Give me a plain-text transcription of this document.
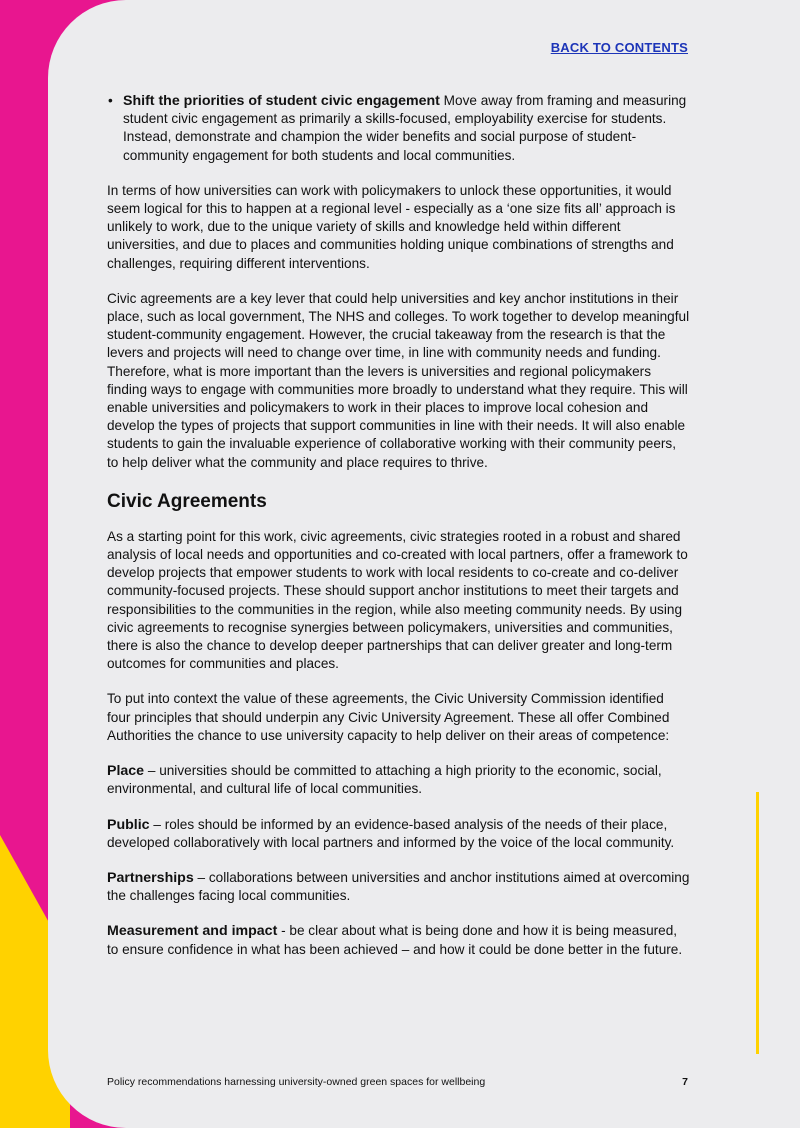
BACK TO CONTENTS
• Shift the priorities of student civic engagement Move away from framing and measuring student civic engagement as primarily a skills-focused, employability exercise for students. Instead, demonstrate and champion the wider benefits and social purpose of student-community engagement for both students and local communities.

In terms of how universities can work with policymakers to unlock these opportunities, it would seem logical for this to happen at a regional level - especially as a ‘one size fits all’ approach is unlikely to work, due to the unique variety of skills and knowledge held within different universities, and due to places and communities holding unique combinations of strengths and challenges, requiring different interventions.

Civic agreements are a key lever that could help universities and key anchor institutions in their place, such as local government, The NHS and colleges. To work together to develop meaningful student-community engagement. However, the crucial takeaway from the research is that the levers and projects will need to change over time, in line with community needs and funding. Therefore, what is more important than the levers is universities and regional policymakers finding ways to engage with communities more broadly to understand what they require. This will enable universities and policymakers to work in their places to improve local cohesion and develop the types of projects that support communities in line with their needs. It will also enable students to gain the invaluable experience of collaborative working with their community peers, to help deliver what the community and place requires to thrive.

Civic Agreements

As a starting point for this work, civic agreements, civic strategies rooted in a robust and shared analysis of local needs and opportunities and co-created with local partners, offer a framework to develop projects that empower students to work with local residents to co-create and co-deliver community-focused projects. These should support anchor institutions to meet their targets and responsibilities to the communities in the region, while also meeting community needs. By using civic agreements to recognise synergies between policymakers, universities and communities, there is also the chance to develop deeper partnerships that can deliver greater and long-term outcomes for communities and places.

To put into context the value of these agreements, the Civic University Commission identified four principles that should underpin any Civic University Agreement. These all offer Combined Authorities the chance to use university capacity to help deliver on their areas of competence:

Place – universities should be committed to attaching a high priority to the economic, social, environmental, and cultural life of local communities.
Public – roles should be informed by an evidence-based analysis of the needs of their place, developed collaboratively with local partners and informed by the voice of the local community.
Partnerships – collaborations between universities and anchor institutions aimed at overcoming the challenges facing local communities.
Measurement and impact - be clear about what is being done and how it is being measured, to ensure confidence in what has been achieved – and how it could be done better in the future.
Policy recommendations harnessing university-owned green spaces for wellbeing	7
